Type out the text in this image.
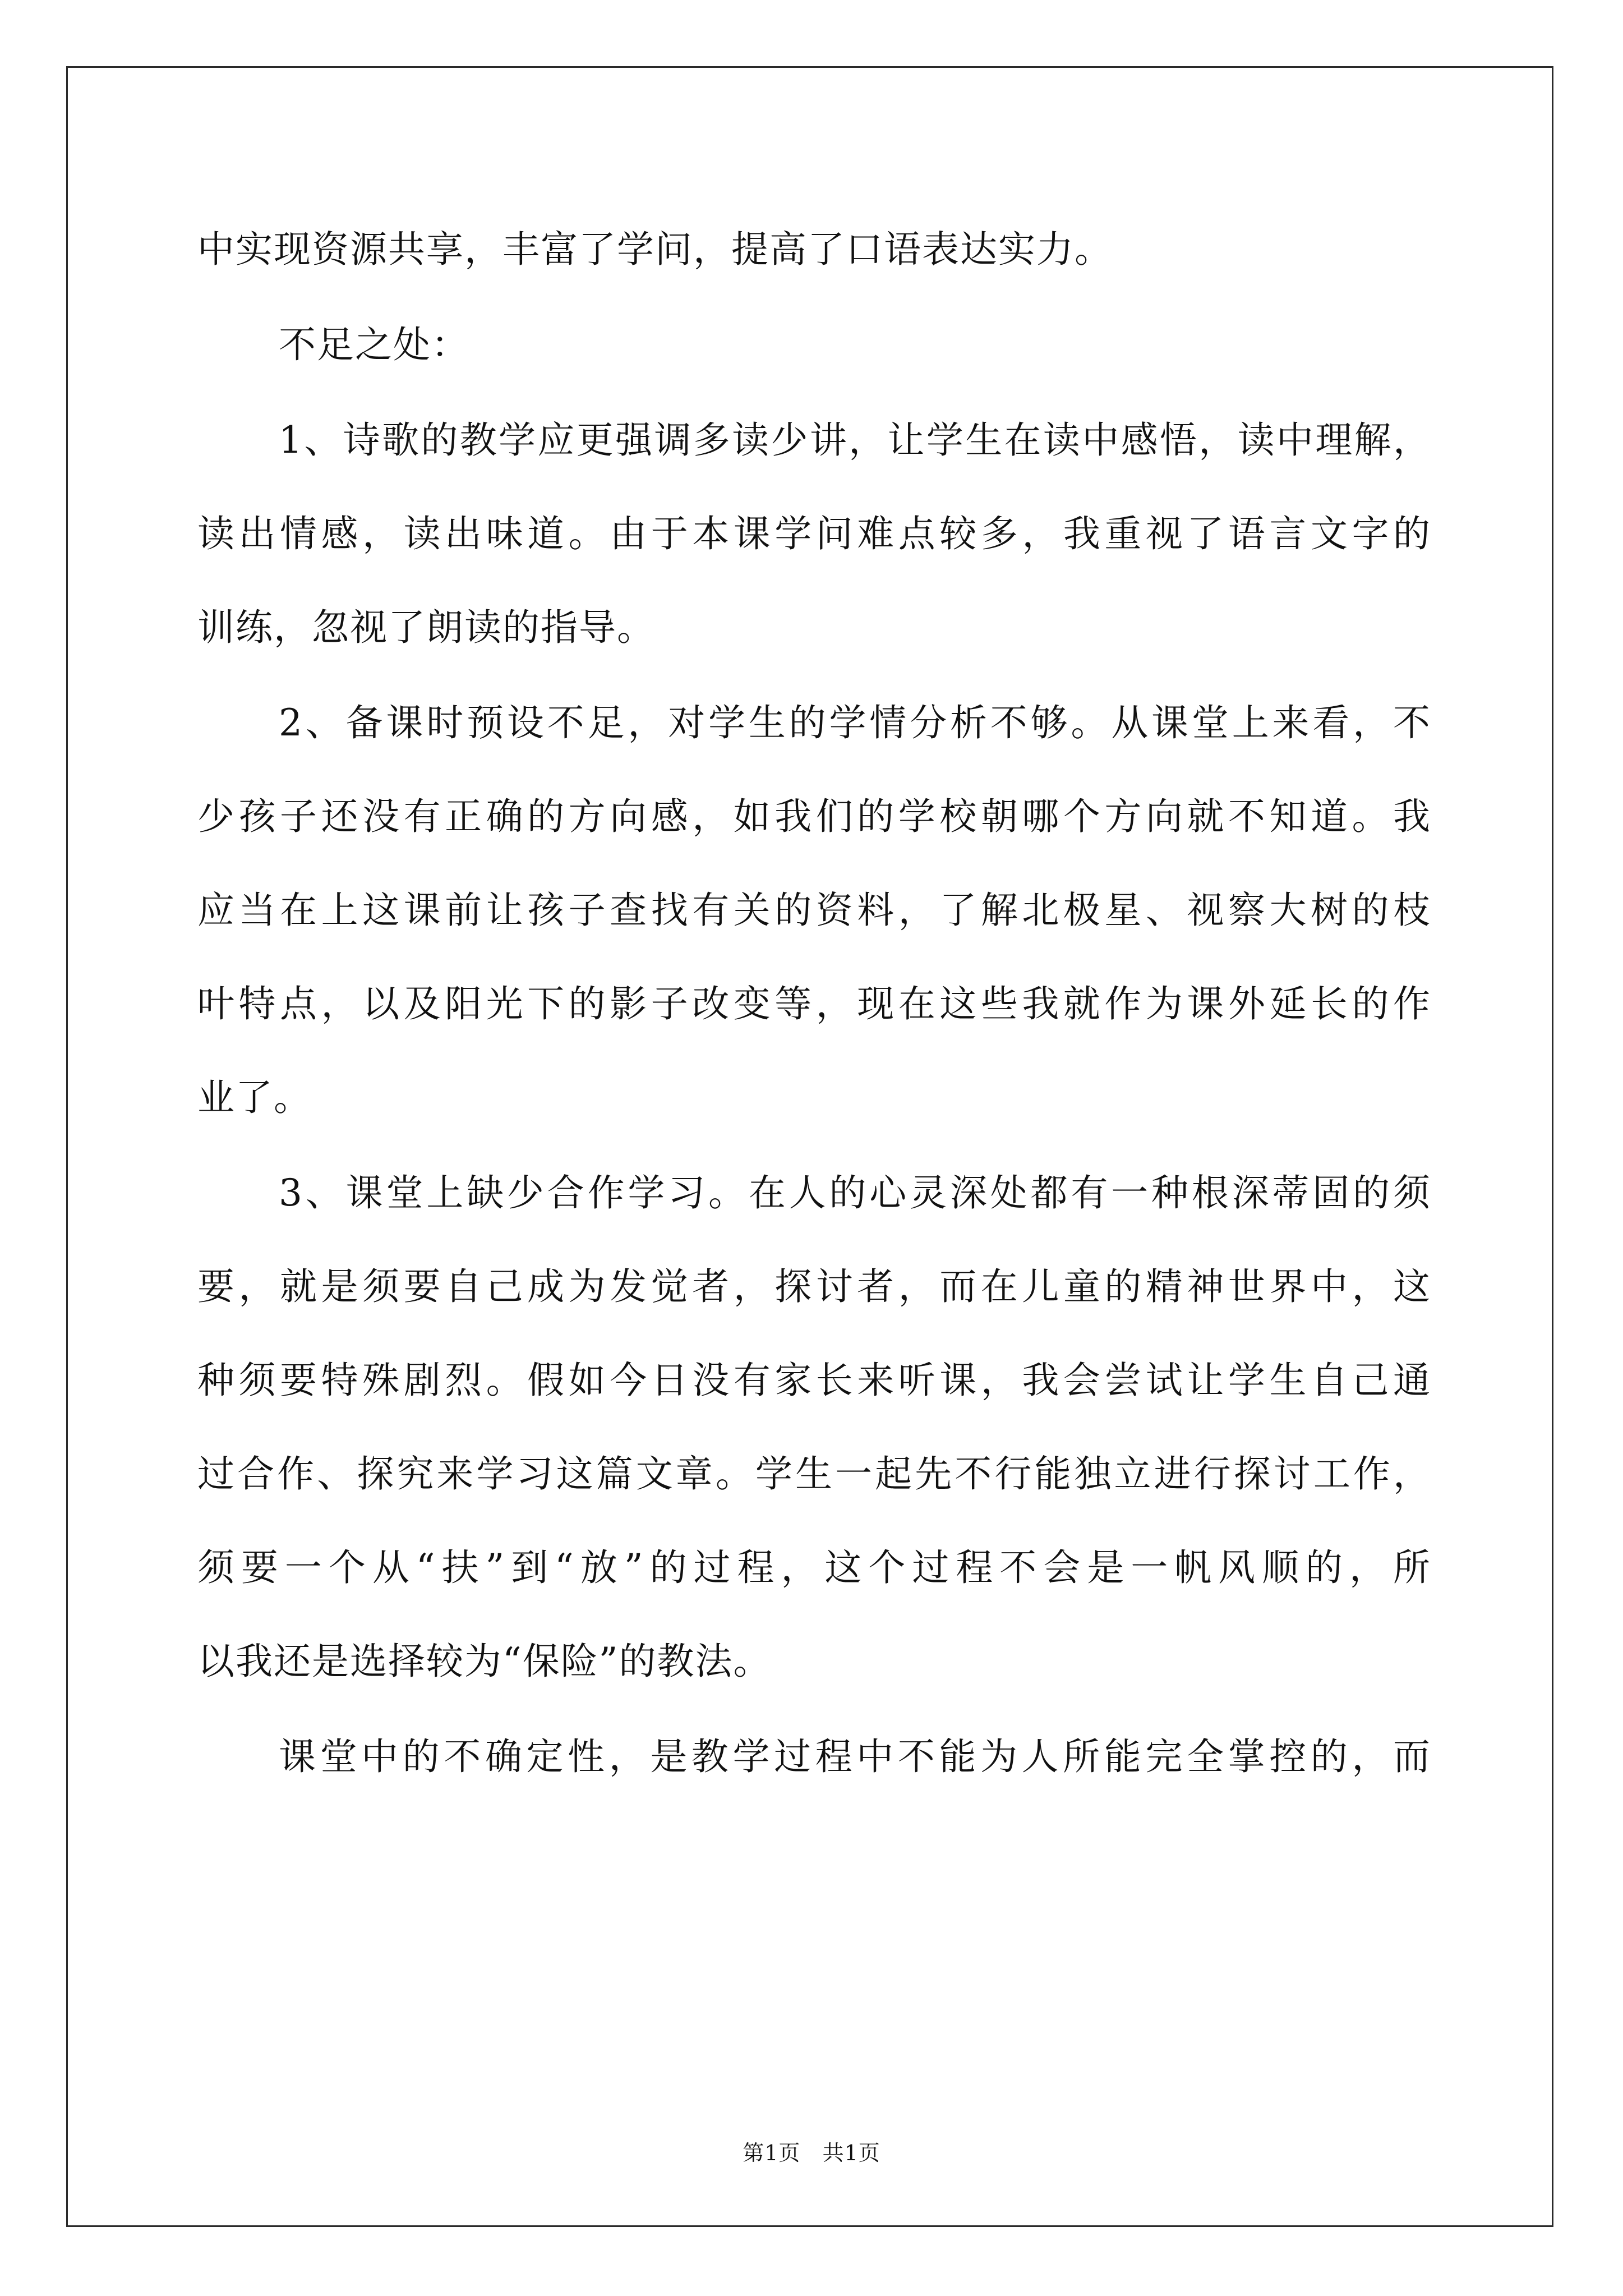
中实现资源共享，丰富了学问，提高了口语表达实力。
不足之处：
1、诗歌的教学应更强调多读少讲，让学生在读中感悟，读中理解，
读出情感，读出味道。由于本课学问难点较多，我重视了语言文字的
训练，忽视了朗读的指导。
2、备课时预设不足，对学生的学情分析不够。从课堂上来看，不
少孩子还没有正确的方向感，如我们的学校朝哪个方向就不知道。我
应当在上这课前让孩子查找有关的资料，了解北极星、视察大树的枝
叶特点，以及阳光下的影子改变等，现在这些我就作为课外延长的作
业了。
3、课堂上缺少合作学习。在人的心灵深处都有一种根深蒂固的须
要，就是须要自己成为发觉者，探讨者，而在儿童的精神世界中，这
种须要特殊剧烈。假如今日没有家长来听课，我会尝试让学生自己通
过合作、探究来学习这篇文章。学生一起先不行能独立进行探讨工作，
须要一个从“扶”到“放”的过程，这个过程不会是一帆风顺的，所
以我还是选择较为“保险”的教法。
课堂中的不确定性，是教学过程中不能为人所能完全掌控的，而
第1页   共1页
